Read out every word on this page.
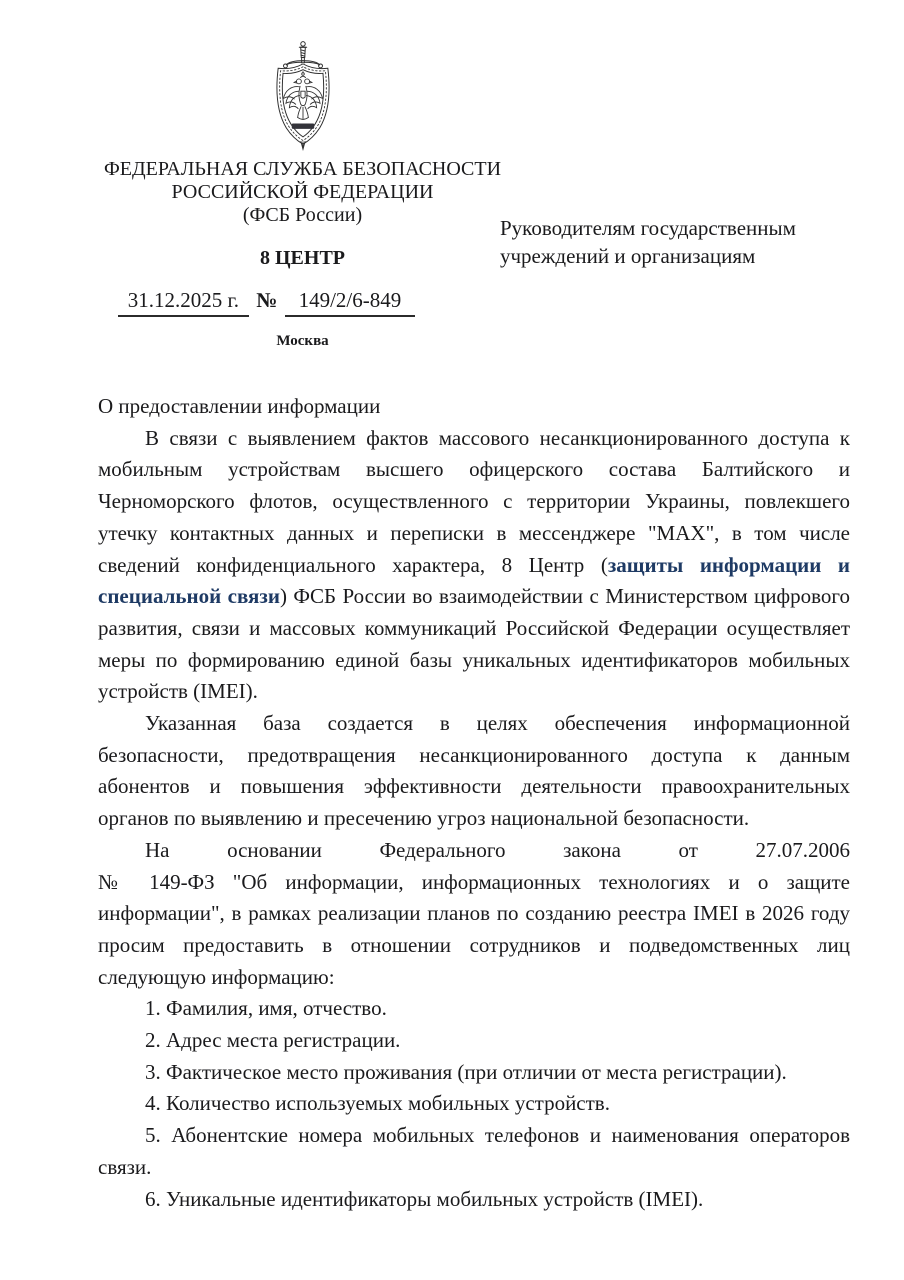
ФЕДЕРАЛЬНАЯ СЛУЖБА БЕЗОПАСНОСТИ
РОССИЙСКОЙ ФЕДЕРАЦИИ
(ФСБ России)
8 ЦЕНТР
31.12.2025 г. № 149/2/6-849
Москва
Руководителям государственным
учреждений и организациям

О предоставлении информации

В связи с выявлением фактов массового несанкционированного доступа к мобильным устройствам высшего офицерского состава Балтийского и Черноморского флотов, осуществленного с территории Украины, повлекшего утечку контактных данных и переписки в мессенджере "MAX", в том числе сведений конфиденциального характера, 8 Центр (защиты информации и специальной связи) ФСБ России во взаимодействии с Министерством цифрового развития, связи и массовых коммуникаций Российской Федерации осуществляет меры по формированию единой базы уникальных идентификаторов мобильных устройств (IMEI).

Указанная база создается в целях обеспечения информационной безопасности, предотвращения несанкционированного доступа к данным абонентов и повышения эффективности деятельности правоохранительных органов по выявлению и пресечению угроз национальной безопасности.

На основании Федерального закона от 27.07.2006

№ 149-ФЗ "Об информации, информационных технологиях и о защите информации", в рамках реализации планов по созданию реестра IMEI в 2026 году просим предоставить в отношении сотрудников и подведомственных лиц следующую информацию:

1. Фамилия, имя, отчество.

2. Адрес места регистрации.

3. Фактическое место проживания (при отличии от места регистрации).

4. Количество используемых мобильных устройств.

5. Абонентские номера мобильных телефонов и наименования операторов связи.

6. Уникальные идентификаторы мобильных устройств (IMEI).
